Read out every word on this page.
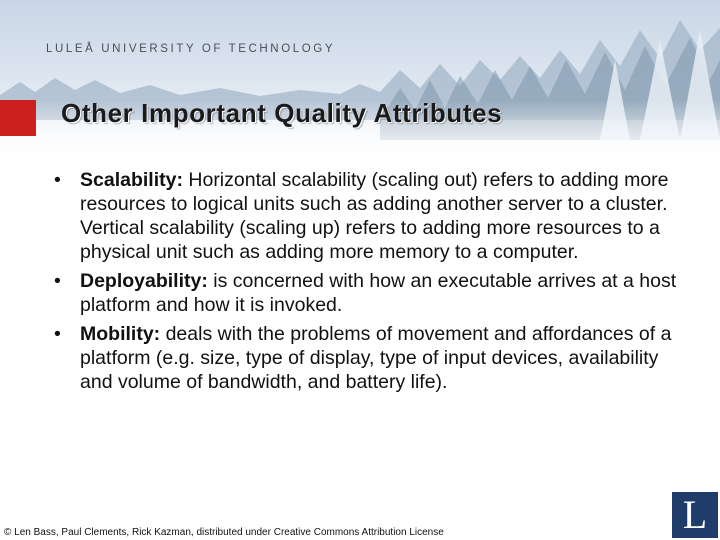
LULEÅ UNIVERSITY OF TECHNOLOGY
Other Important Quality Attributes
• Scalability: Horizontal scalability (scaling out) refers to adding more resources to logical units such as adding another server to a cluster. Vertical scalability (scaling up) refers to adding more resources to a physical unit such as adding more memory to a computer.
• Deployability: is concerned with how an executable arrives at a host platform and how it is invoked.
• Mobility: deals with the problems of movement and affordances of a platform (e.g. size, type of display, type of input devices, availability and volume of bandwidth, and battery life).
© Len Bass, Paul Clements, Rick Kazman, distributed under Creative Commons Attribution License	L
